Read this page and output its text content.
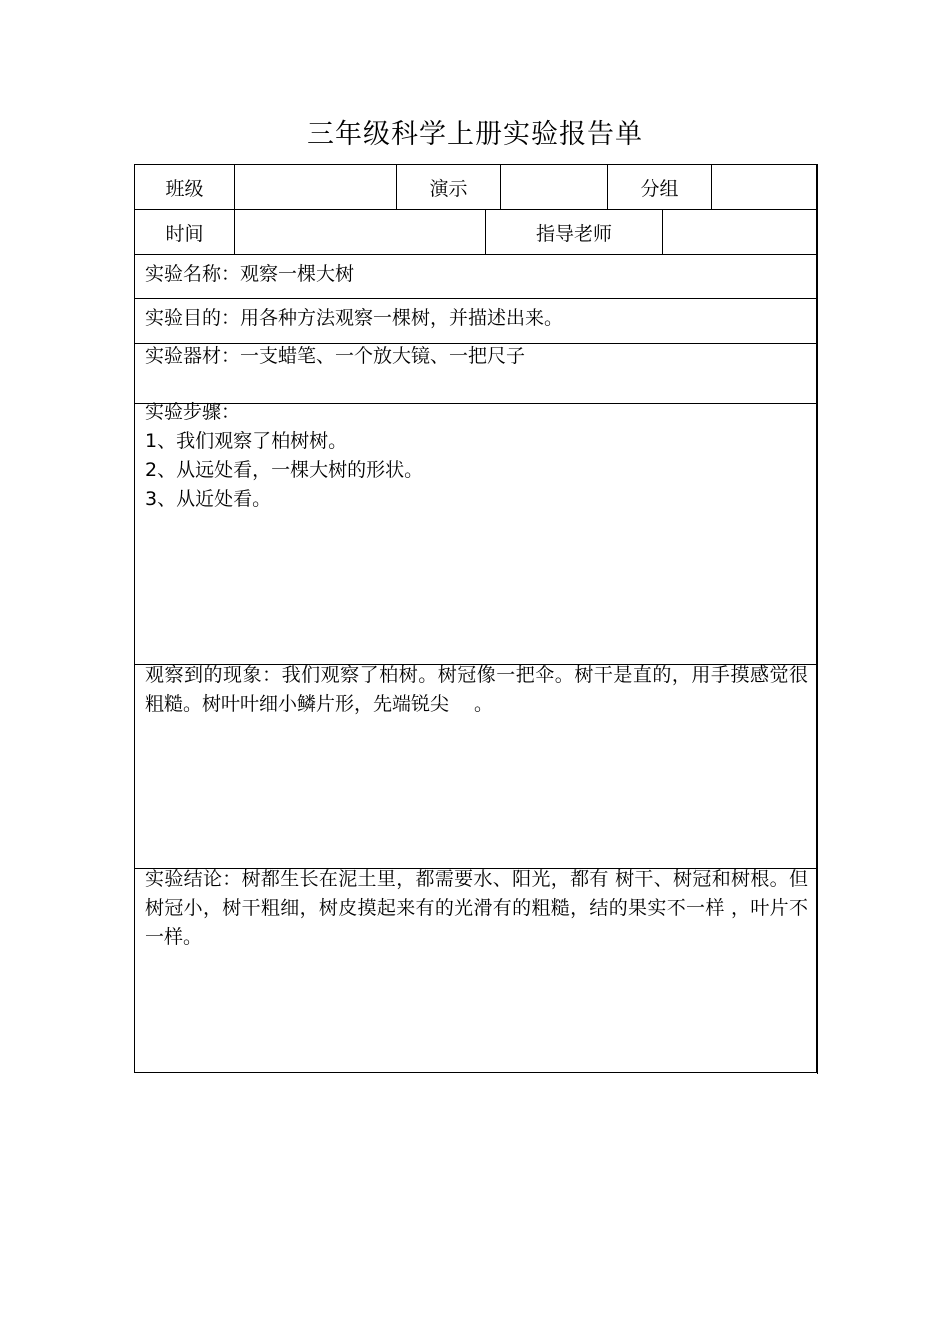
三年级科学上册实验报告单
班级	演示	分组
时间	指导老师
实验名称：观察一棵大树
实验目的：用各种方法观察一棵树，并描述出来。
实验器材：一支蜡笔、一个放大镜、一把尺子

实验步骤：

1、我们观察了柏树树。

2、从远处看，一棵大树的形状。

3、从近处看。

观察到的现象：我们观察了柏树。树冠像一把伞。树干是直的，用手摸感觉很粗糙。树叶叶细小鳞片形，先端锐尖 　。
实验结论：树都生长在泥土里，都需要水、阳光，都有 树干、树冠和树根。但树冠小，树干粗细，树皮摸起来有的光滑有的粗糙，结的果实不一样 ，叶片不一样。
